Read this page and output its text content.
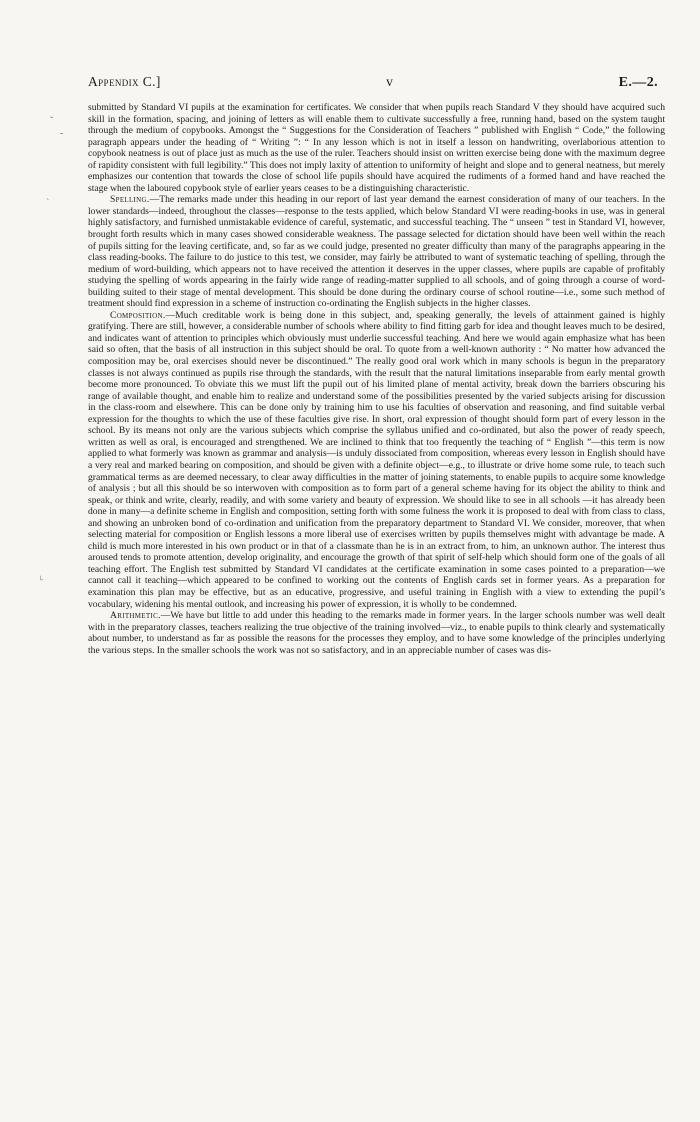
Appendix C.]	v	E.—2.
ˇ
‑
ˋ
˪

submitted by Standard VI pupils at the examination for certificates. We consider that when pupils reach Standard V they should have acquired such skill in the formation, spacing, and joining of letters as will enable them to cultivate successfully a free, running hand, based on the system taught through the medium of copybooks. Amongst the “ Suggestions for the Consideration of Teachers ” published with English “ Code,” the following paragraph appears under the heading of “ Writing ”: “ In any lesson which is not in itself a lesson on handwriting, overlaborious attention to copybook neatness is out of place just as much as the use of the ruler. Teachers should insist on written exercise being done with the maximum degree of rapidity consistent with full legibility.” This does not imply laxity of attention to uniformity of height and slope and to general neatness, but merely emphasizes our contention that towards the close of school life pupils should have acquired the rudiments of a formed hand and have reached the stage when the laboured copybook style of earlier years ceases to be a distinguishing characteristic.

Spelling.—The remarks made under this heading in our report of last year demand the earnest consideration of many of our teachers. In the lower standards—indeed, throughout the classes—response to the tests applied, which below Standard VI were reading-books in use, was in general highly satisfactory, and furnished unmistakable evidence of careful, systematic, and successful teaching. The “ unseen ” test in Standard VI, however, brought forth results which in many cases showed considerable weakness. The passage selected for dictation should have been well within the reach of pupils sitting for the leaving certificate, and, so far as we could judge, presented no greater difficulty than many of the paragraphs appearing in the class reading-books. The failure to do justice to this test, we consider, may fairly be attributed to want of systematic teaching of spelling, through the medium of word-building, which appears not to have received the attention it deserves in the upper classes, where pupils are capable of profitably studying the spelling of words appearing in the fairly wide range of reading-matter supplied to all schools, and of going through a course of word-building suited to their stage of mental development. This should be done during the ordinary course of school routine—i.e., some such method of treatment should find expression in a scheme of instruction co-ordinating the English subjects in the higher classes.

Composition.—Much creditable work is being done in this subject, and, speaking generally, the levels of attainment gained is highly gratifying. There are still, however, a considerable number of schools where ability to find fitting garb for idea and thought leaves much to be desired, and indicates want of attention to principles which obviously must underlie successful teaching. And here we would again emphasize what has been said so often, that the basis of all instruction in this subject should be oral. To quote from a well-known authority : “ No matter how advanced the composition may be, oral exercises should never be discontinued.” The really good oral work which in many schools is begun in the preparatory classes is not always continued as pupils rise through the standards, with the result that the natural limitations inseparable from early mental growth become more pronounced. To obviate this we must lift the pupil out of his limited plane of mental activity, break down the barriers obscuring his range of available thought, and enable him to realize and understand some of the possibilities presented by the varied subjects arising for discussion in the class-room and elsewhere. This can be done only by training him to use his faculties of observation and reasoning, and find suitable verbal expression for the thoughts to which the use of these faculties give rise. In short, oral expression of thought should form part of every lesson in the school. By its means not only are the various subjects which comprise the syllabus unified and co-ordinated, but also the power of ready speech, written as well as oral, is encouraged and strengthened. We are inclined to think that too frequently the teaching of “ English ”—this term is now applied to what formerly was known as grammar and analysis—is unduly dissociated from composition, whereas every lesson in English should have a very real and marked bearing on composition, and should be given with a definite object—e.g., to illustrate or drive home some rule, to teach such grammatical terms as are deemed necessary, to clear away difficulties in the matter of joining statements, to enable pupils to acquire some knowledge of analysis ; but all this should be so interwoven with composition as to form part of a general scheme having for its object the ability to think and speak, or think and write, clearly, readily, and with some variety and beauty of expression. We should like to see in all schools —it has already been done in many—a definite scheme in English and composition, setting forth with some fulness the work it is proposed to deal with from class to class, and showing an unbroken bond of co-ordination and unification from the preparatory department to Standard VI. We consider, moreover, that when selecting material for composition or English lessons a more liberal use of exercises written by pupils themselves might with advantage be made. A child is much more interested in his own product or in that of a classmate than he is in an extract from, to him, an unknown author. The interest thus aroused tends to promote attention, develop originality, and encourage the growth of that spirit of self-help which should form one of the goals of all teaching effort. The English test submitted by Standard VI candidates at the certificate examination in some cases pointed to a preparation—we cannot call it teaching—which appeared to be confined to working out the contents of English cards set in former years. As a preparation for examination this plan may be effective, but as an educative, progressive, and useful training in English with a view to extending the pupil’s vocabulary, widening his mental outlook, and increasing his power of expression, it is wholly to be condemned.

Arithmetic.—We have but little to add under this heading to the remarks made in former years. In the larger schools number was well dealt with in the preparatory classes, teachers realizing the true objective of the training involved—viz., to enable pupils to think clearly and systematically about number, to understand as far as possible the reasons for the processes they employ, and to have some knowledge of the principles underlying the various steps. In the smaller schools the work was not so satisfactory, and in an appreciable number of cases was dis-
